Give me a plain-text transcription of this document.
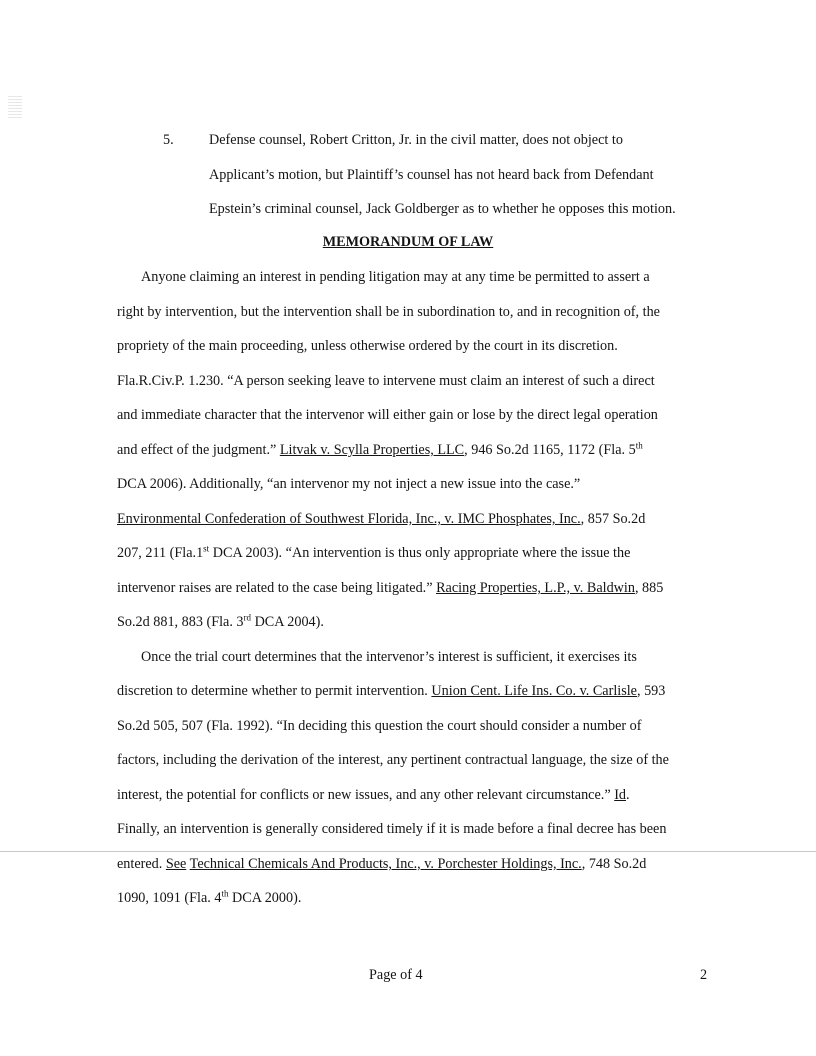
5. Defense counsel, Robert Critton, Jr. in the civil matter, does not object to
Applicant’s motion, but Plaintiff’s counsel has not heard back from Defendant
Epstein’s criminal counsel, Jack Goldberger as to whether he opposes this motion.
MEMORANDUM OF LAW
Anyone claiming an interest in pending litigation may at any time be permitted to assert a
right by intervention, but the intervention shall be in subordination to, and in recognition of, the
propriety of the main proceeding, unless otherwise ordered by the court in its discretion.
Fla.R.Civ.P. 1.230. “A person seeking leave to intervene must claim an interest of such a direct
and immediate character that the intervenor will either gain or lose by the direct legal operation
and effect of the judgment.” Litvak v. Scylla Properties, LLC, 946 So.2d 1165, 1172 (Fla. 5th
DCA 2006). Additionally, “an intervenor my not inject a new issue into the case.”
Environmental Confederation of Southwest Florida, Inc., v. IMC Phosphates, Inc., 857 So.2d
207, 211 (Fla.1st DCA 2003). “An intervention is thus only appropriate where the issue the
intervenor raises are related to the case being litigated.” Racing Properties, L.P., v. Baldwin, 885
So.2d 881, 883 (Fla. 3rd DCA 2004).
Once the trial court determines that the intervenor’s interest is sufficient, it exercises its
discretion to determine whether to permit intervention. Union Cent. Life Ins. Co. v. Carlisle, 593
So.2d 505, 507 (Fla. 1992). “In deciding this question the court should consider a number of
factors, including the derivation of the interest, any pertinent contractual language, the size of the
interest, the potential for conflicts or new issues, and any other relevant circumstance.” Id.
Finally, an intervention is generally considered timely if it is made before a final decree has been
entered. See Technical Chemicals And Products, Inc., v. Porchester Holdings, Inc., 748 So.2d
1090, 1091 (Fla. 4th DCA 2000).
Page of 4	2
